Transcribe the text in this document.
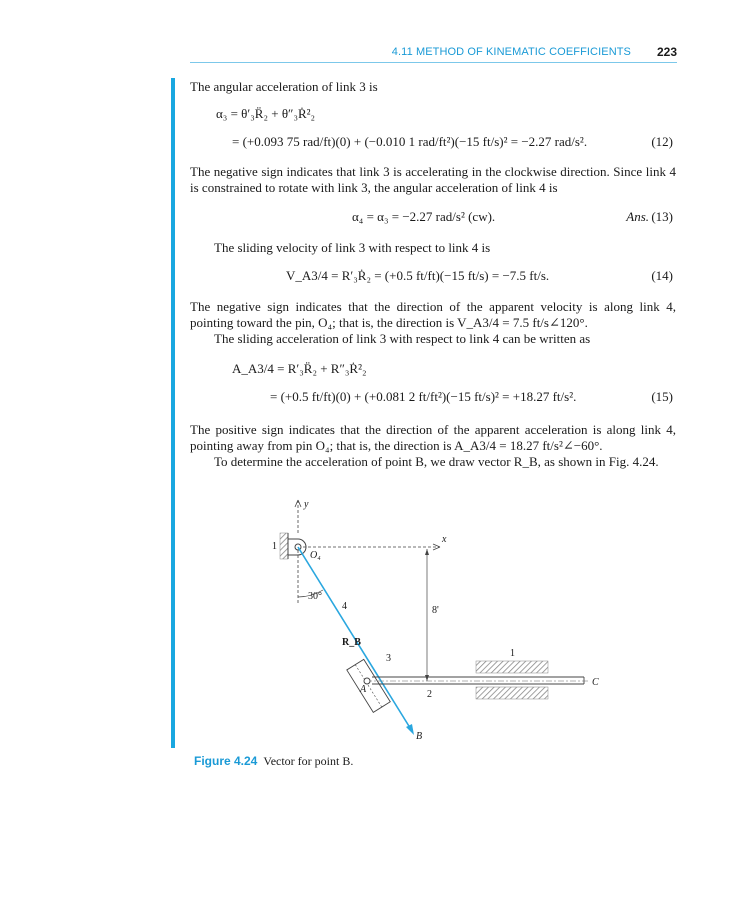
4.11 METHOD OF KINEMATIC COEFFICIENTS 223
The angular acceleration of link 3 is
α₃ = θ′₃R̈₂ + θ″₃Ṙ²₂
= (+0.093 75 rad/ft)(0) + (−0.010 1 rad/ft²)(−15 ft/s)² = −2.27 rad/s².	(12)
The negative sign indicates that link 3 is accelerating in the clockwise direction. Since link 4 is constrained to rotate with link 3, the angular acceleration of link 4 is
α₄ = α₃ = −2.27 rad/s² (cw).	Ans. (13)
The sliding velocity of link 3 with respect to link 4 is
V_A3/4 = R′₃Ṙ₂ = (+0.5 ft/ft)(−15 ft/s) = −7.5 ft/s.	(14)
The negative sign indicates that the direction of the apparent velocity is along link 4, pointing toward the pin, O₄; that is, the direction is V_A3/4 = 7.5 ft/s∠120°.
The sliding acceleration of link 3 with respect to link 4 can be written as
A_A3/4 = R′₃R̈₂ + R″₃Ṙ²₂
= (+0.5 ft/ft)(0) + (+0.081 2 ft/ft²)(−15 ft/s)² = +18.27 ft/s².	(15)
The positive sign indicates that the direction of the apparent acceleration is along link 4, pointing away from pin O₄; that is, the direction is A_A3/4 = 18.27 ft/s²∠−60°.
To determine the acceleration of point B, we draw vector R_B, as shown in Fig. 4.24.
y
x
1
O₄
30°
4
R_B
3
8'
1
C
2
A
B
Figure 4.24 Vector for point B.
